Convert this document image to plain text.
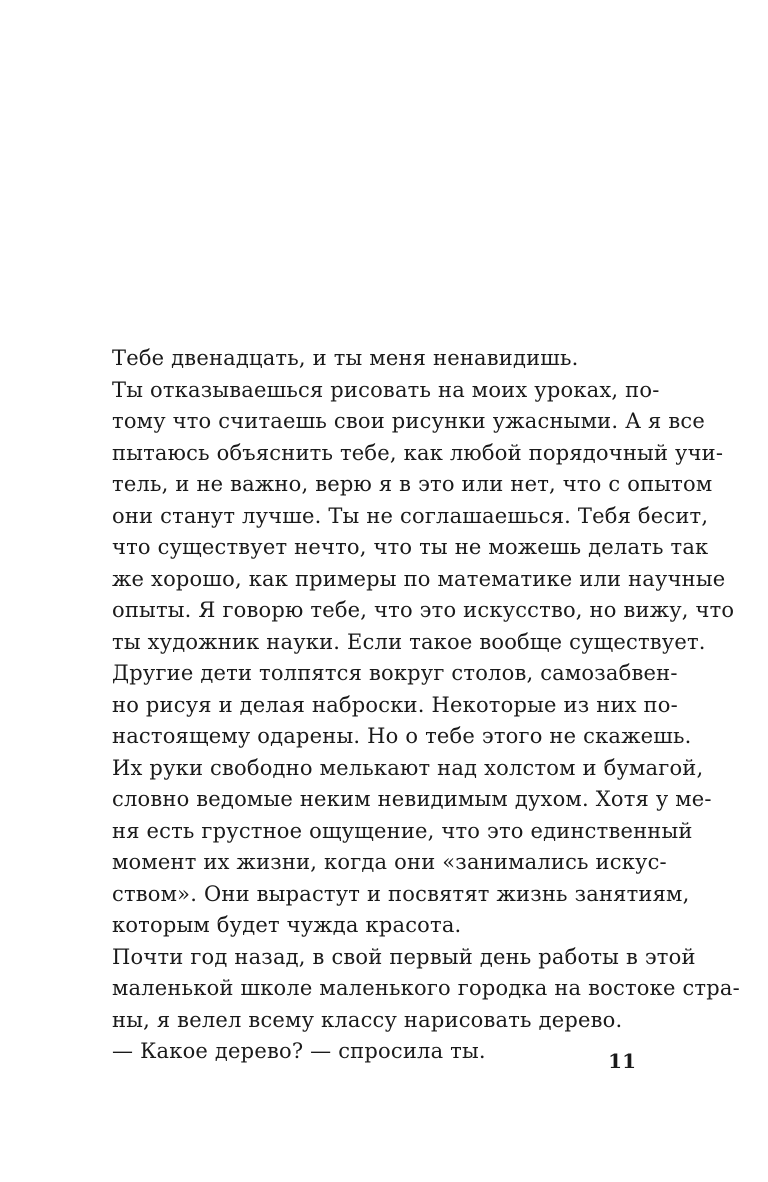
Тебе двенадцать, и ты меня ненавидишь.
Ты отказываешься рисовать на моих уроках, по-
тому что считаешь свои рисунки ужасными. А я все
пытаюсь объяснить тебе, как любой порядочный учи-
тель, и не важно, верю я в это или нет, что с опытом
они станут лучше. Ты не соглашаешься. Тебя бесит,
что существует нечто, что ты не можешь делать так
же хорошо, как примеры по математике или научные
опыты. Я говорю тебе, что это искусство, но вижу, что
ты художник науки. Если такое вообще существует.
Другие дети толпятся вокруг столов, самозабвен-
но рисуя и делая наброски. Некоторые из них по-
настоящему одарены. Но о тебе этого не скажешь.
Их руки свободно мелькают над холстом и бумагой,
словно ведомые неким невидимым духом. Хотя у ме-
ня есть грустное ощущение, что это единственный
момент их жизни, когда они «занимались искус-
ством». Они вырастут и посвятят жизнь занятиям,
которым будет чужда красота.
Почти год назад, в свой первый день работы в этой
маленькой школе маленького городка на востоке стра-
ны, я велел всему классу нарисовать дерево.
— Какое дерево? — спросила ты.	11
